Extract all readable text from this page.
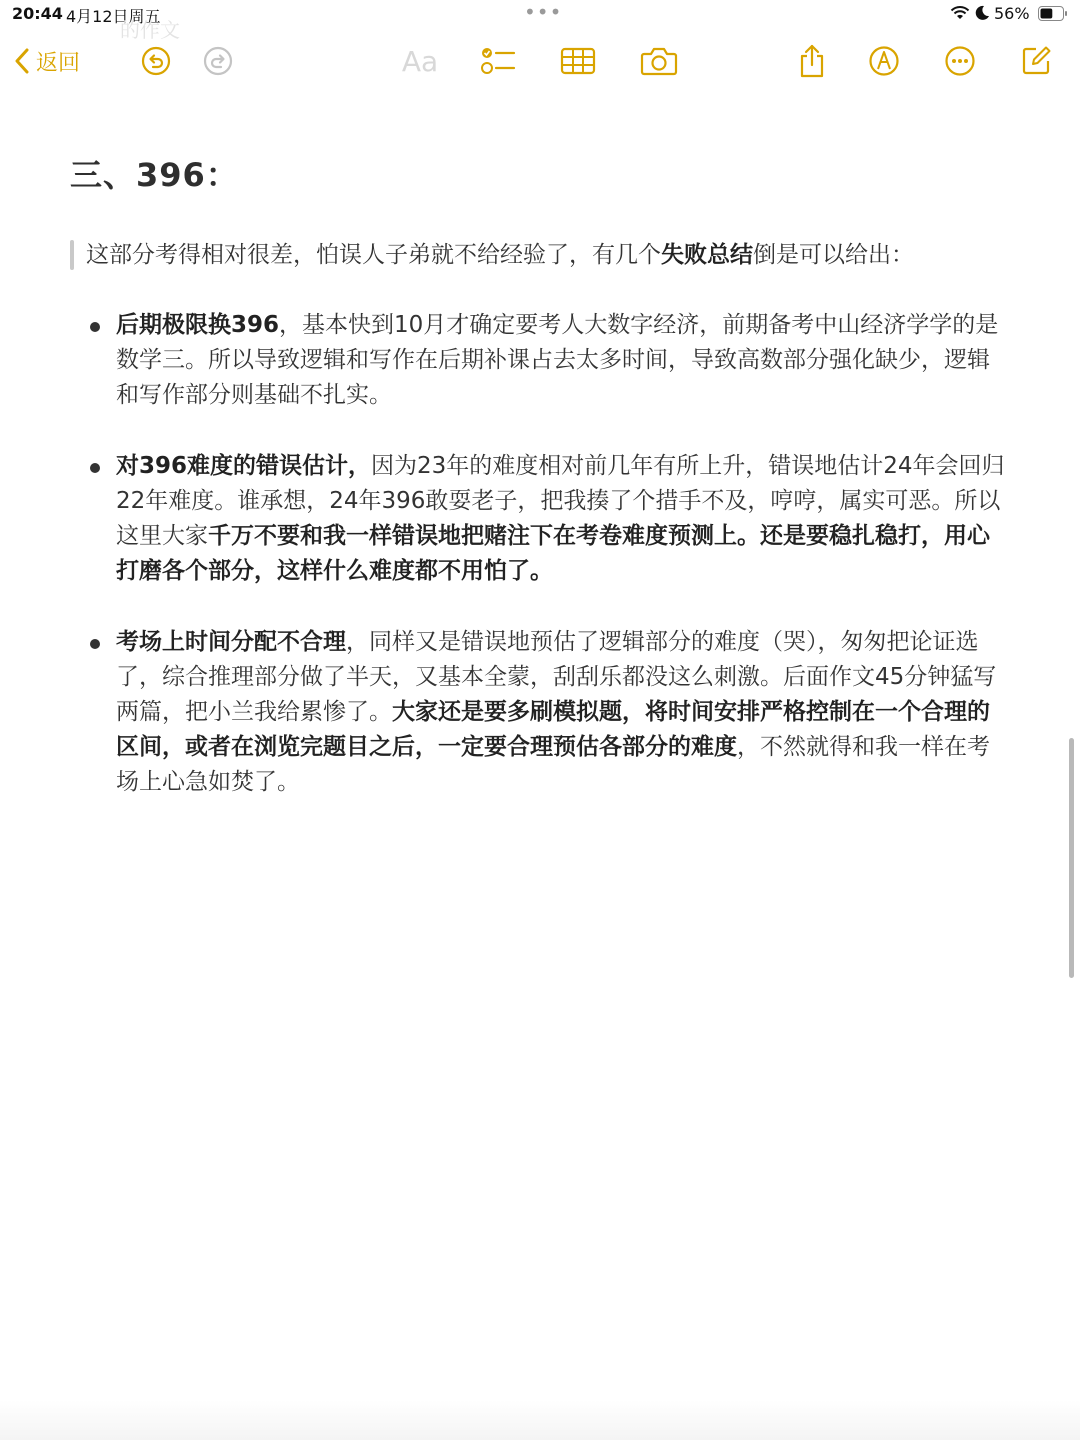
20:44 4月12日周五	•••	56%
的作文
返回	Aa
三、396：
这部分考得相对很差，怕误人子弟就不给经验了，有几个失败总结倒是可以给出：
后期极限换396，基本快到10月才确定要考人大数字经济，前期备考中山经济学学的是数学三。所以导致逻辑和写作在后期补课占去太多时间，导致高数部分强化缺少，逻辑和写作部分则基础不扎实。
对396难度的错误估计，因为23年的难度相对前几年有所上升，错误地估计24年会回归22年难度。谁承想，24年396敢耍老子，把我揍了个措手不及，哼哼，属实可恶。所以这里大家千万不要和我一样错误地把赌注下在考卷难度预测上。还是要稳扎稳打，用心打磨各个部分，这样什么难度都不用怕了。
考场上时间分配不合理，同样又是错误地预估了逻辑部分的难度（哭），匆匆把论证选了，综合推理部分做了半天，又基本全蒙，刮刮乐都没这么刺激。后面作文45分钟猛写两篇，把小兰我给累惨了。大家还是要多刷模拟题，将时间安排严格控制在一个合理的区间，或者在浏览完题目之后，一定要合理预估各部分的难度，不然就得和我一样在考场上心急如焚了。
